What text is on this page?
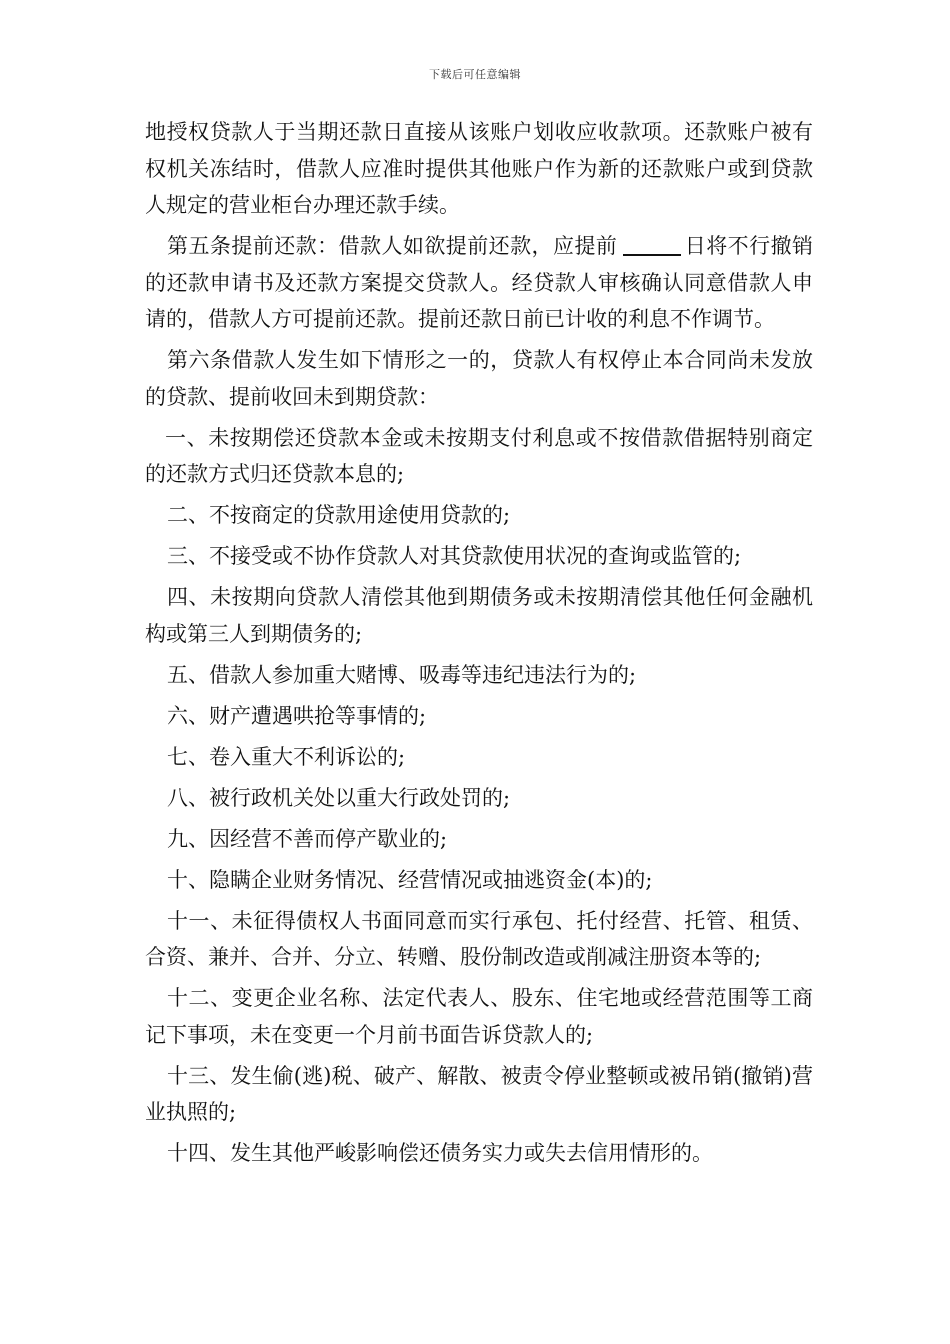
下载后可任意编辑

地授权贷款人于当期还款日直接从该账户划收应收款项。还款账户被有权机关冻结时，借款人应准时提供其他账户作为新的还款账户或到贷款人规定的营业柜台办理还款手续。

第五条提前还款：借款人如欲提前还款，应提前	日将不行撤销的还款申请书及还款方案提交贷款人。经贷款人审核确认同意借款人申请的，借款人方可提前还款。提前还款日前已计收的利息不作调节。

第六条借款人发生如下情形之一的，贷款人有权停止本合同尚未发放的贷款、提前收回未到期贷款：

一、未按期偿还贷款本金或未按期支付利息或不按借款借据特别商定的还款方式归还贷款本息的;

二、不按商定的贷款用途使用贷款的;

三、不接受或不协作贷款人对其贷款使用状况的查询或监管的;

四、未按期向贷款人清偿其他到期债务或未按期清偿其他任何金融机构或第三人到期债务的;

五、借款人参加重大赌博、吸毒等违纪违法行为的;

六、财产遭遇哄抢等事情的;

七、卷入重大不利诉讼的;

八、被行政机关处以重大行政处罚的;

九、因经营不善而停产歇业的;

十、隐瞒企业财务情况、经营情况或抽逃资金(本)的;

十一、未征得债权人书面同意而实行承包、托付经营、托管、租赁、合资、兼并、合并、分立、转赠、股份制改造或削减注册资本等的;

十二、变更企业名称、法定代表人、股东、住宅地或经营范围等工商记下事项，未在变更一个月前书面告诉贷款人的;

十三、发生偷(逃)税、破产、解散、被责令停业整顿或被吊销(撤销)营业执照的;

十四、发生其他严峻影响偿还债务实力或失去信用情形的。
